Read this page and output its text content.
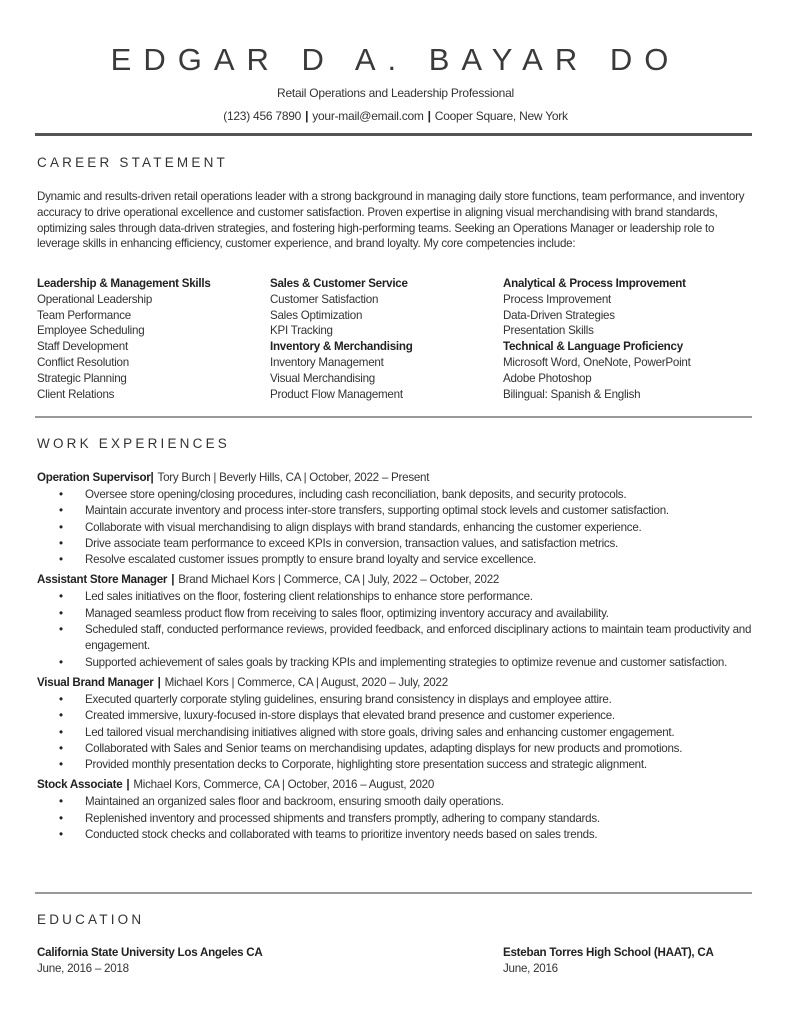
EDGAR D A. BAYAR DO
Retail Operations and Leadership Professional
(123) 456 7890 | your-mail@email.com | Cooper Square, New York
CAREER STATEMENT
Dynamic and results-driven retail operations leader with a strong background in managing daily store functions, team performance, and inventory accuracy to drive operational excellence and customer satisfaction. Proven expertise in aligning visual merchandising with brand standards, optimizing sales through data-driven strategies, and fostering high-performing teams. Seeking an Operations Manager or leadership role to leverage skills in enhancing efficiency, customer experience, and brand loyalty. My core competencies include:
Leadership & Management Skills
Operational Leadership
Team Performance
Employee Scheduling
Staff Development
Conflict Resolution
Strategic Planning
Client Relations
Sales & Customer Service
Customer Satisfaction
Sales Optimization
KPI Tracking
Inventory & Merchandising
Inventory Management
Visual Merchandising
Product Flow Management
Analytical & Process Improvement
Process Improvement
Data-Driven Strategies
Presentation Skills
Technical & Language Proficiency
Microsoft Word, OneNote, PowerPoint
Adobe Photoshop
Bilingual: Spanish & English
WORK EXPERIENCES
Operation Supervisor| Tory Burch | Beverly Hills, CA | October, 2022 – Present
• Oversee store opening/closing procedures, including cash reconciliation, bank deposits, and security protocols.
• Maintain accurate inventory and process inter-store transfers, supporting optimal stock levels and customer satisfaction.
• Collaborate with visual merchandising to align displays with brand standards, enhancing the customer experience.
• Drive associate team performance to exceed KPIs in conversion, transaction values, and satisfaction metrics.
• Resolve escalated customer issues promptly to ensure brand loyalty and service excellence.
Assistant Store Manager | Brand Michael Kors | Commerce, CA | July, 2022 – October, 2022
• Led sales initiatives on the floor, fostering client relationships to enhance store performance.
• Managed seamless product flow from receiving to sales floor, optimizing inventory accuracy and availability.
• Scheduled staff, conducted performance reviews, provided feedback, and enforced disciplinary actions to maintain team productivity and engagement.
• Supported achievement of sales goals by tracking KPIs and implementing strategies to optimize revenue and customer satisfaction.
Visual Brand Manager | Michael Kors | Commerce, CA | August, 2020 – July, 2022
• Executed quarterly corporate styling guidelines, ensuring brand consistency in displays and employee attire.
• Created immersive, luxury-focused in-store displays that elevated brand presence and customer experience.
• Led tailored visual merchandising initiatives aligned with store goals, driving sales and enhancing customer engagement.
• Collaborated with Sales and Senior teams on merchandising updates, adapting displays for new products and promotions.
• Provided monthly presentation decks to Corporate, highlighting store presentation success and strategic alignment.
Stock Associate | Michael Kors, Commerce, CA | October, 2016 – August, 2020
• Maintained an organized sales floor and backroom, ensuring smooth daily operations.
• Replenished inventory and processed shipments and transfers promptly, adhering to company standards.
• Conducted stock checks and collaborated with teams to prioritize inventory needs based on sales trends.
EDUCATION
California State University Los Angeles CA
June, 2016 – 2018
Esteban Torres High School (HAAT), CA
June, 2016
